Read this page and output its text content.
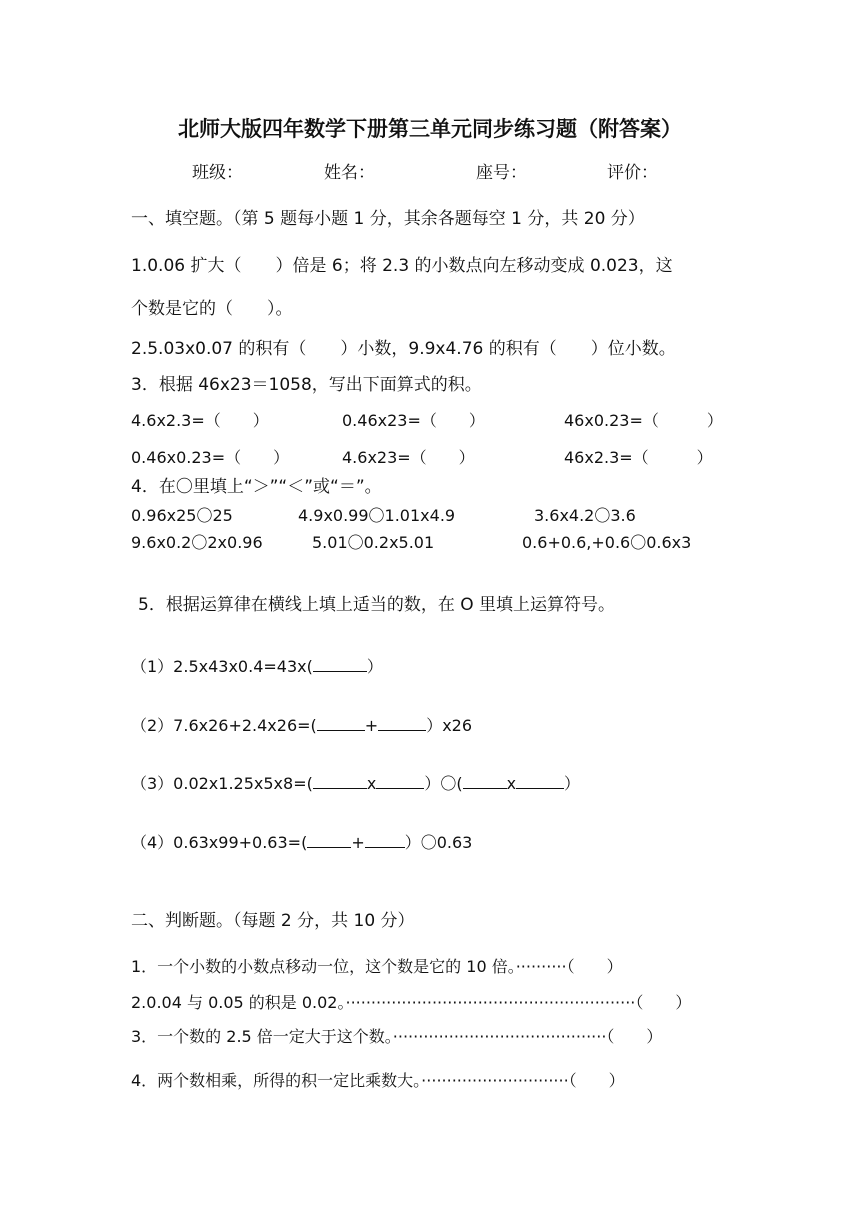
北师大版四年数学下册第三单元同步练习题（附答案）
班级：	姓名：	座号：	评价：
一、填空题。（第 5 题每小题 1 分，其余各题每空 1 分，共 20 分）
1.0.06 扩大（　　）倍是 6；将 2.3 的小数点向左移动变成 0.023，这
个数是它的（　　）。
2.5.03x0.07 的积有（　　）小数，9.9x4.76 的积有（　　）位小数。
3．根据 46x23＝1058，写出下面算式的积。
4.6x2.3=（　　）	0.46x23=（　　）	46x0.23=（　　　）
0.46x0.23=（　　）	4.6x23=（　　）	46x2.3=（　　　）
4．在〇里填上“＞”“＜”或“＝”。
0.96x25〇25	4.9x0.99〇1.01x4.9	3.6x4.2〇3.6
9.6x0.2〇2x0.96	5.01〇0.2x5.01	0.6+0.6,+0.6〇0.6x3
5．根据运算律在横线上填上适当的数，在 O 里填上运算符号。
（1）2.5x43x0.4=43x(	）
（2）7.6x26+2.4x26=(	+	）x26
（3）0.02x1.25x5x8=(	x	）〇(	x	）
（4）0.63x99+0.63=(	+	）〇0.63
二、判断题。（每题 2 分，共 10 分）
1．一个小数的小数点移动一位，这个数是它的 10 倍。··········（　　）
2.0.04 与 0.05 的积是 0.02。·························································（　　）
3．一个数的 2.5 倍一定大于这个数。··········································（　　）
4．两个数相乘，所得的积一定比乘数大。·····························（　　）
